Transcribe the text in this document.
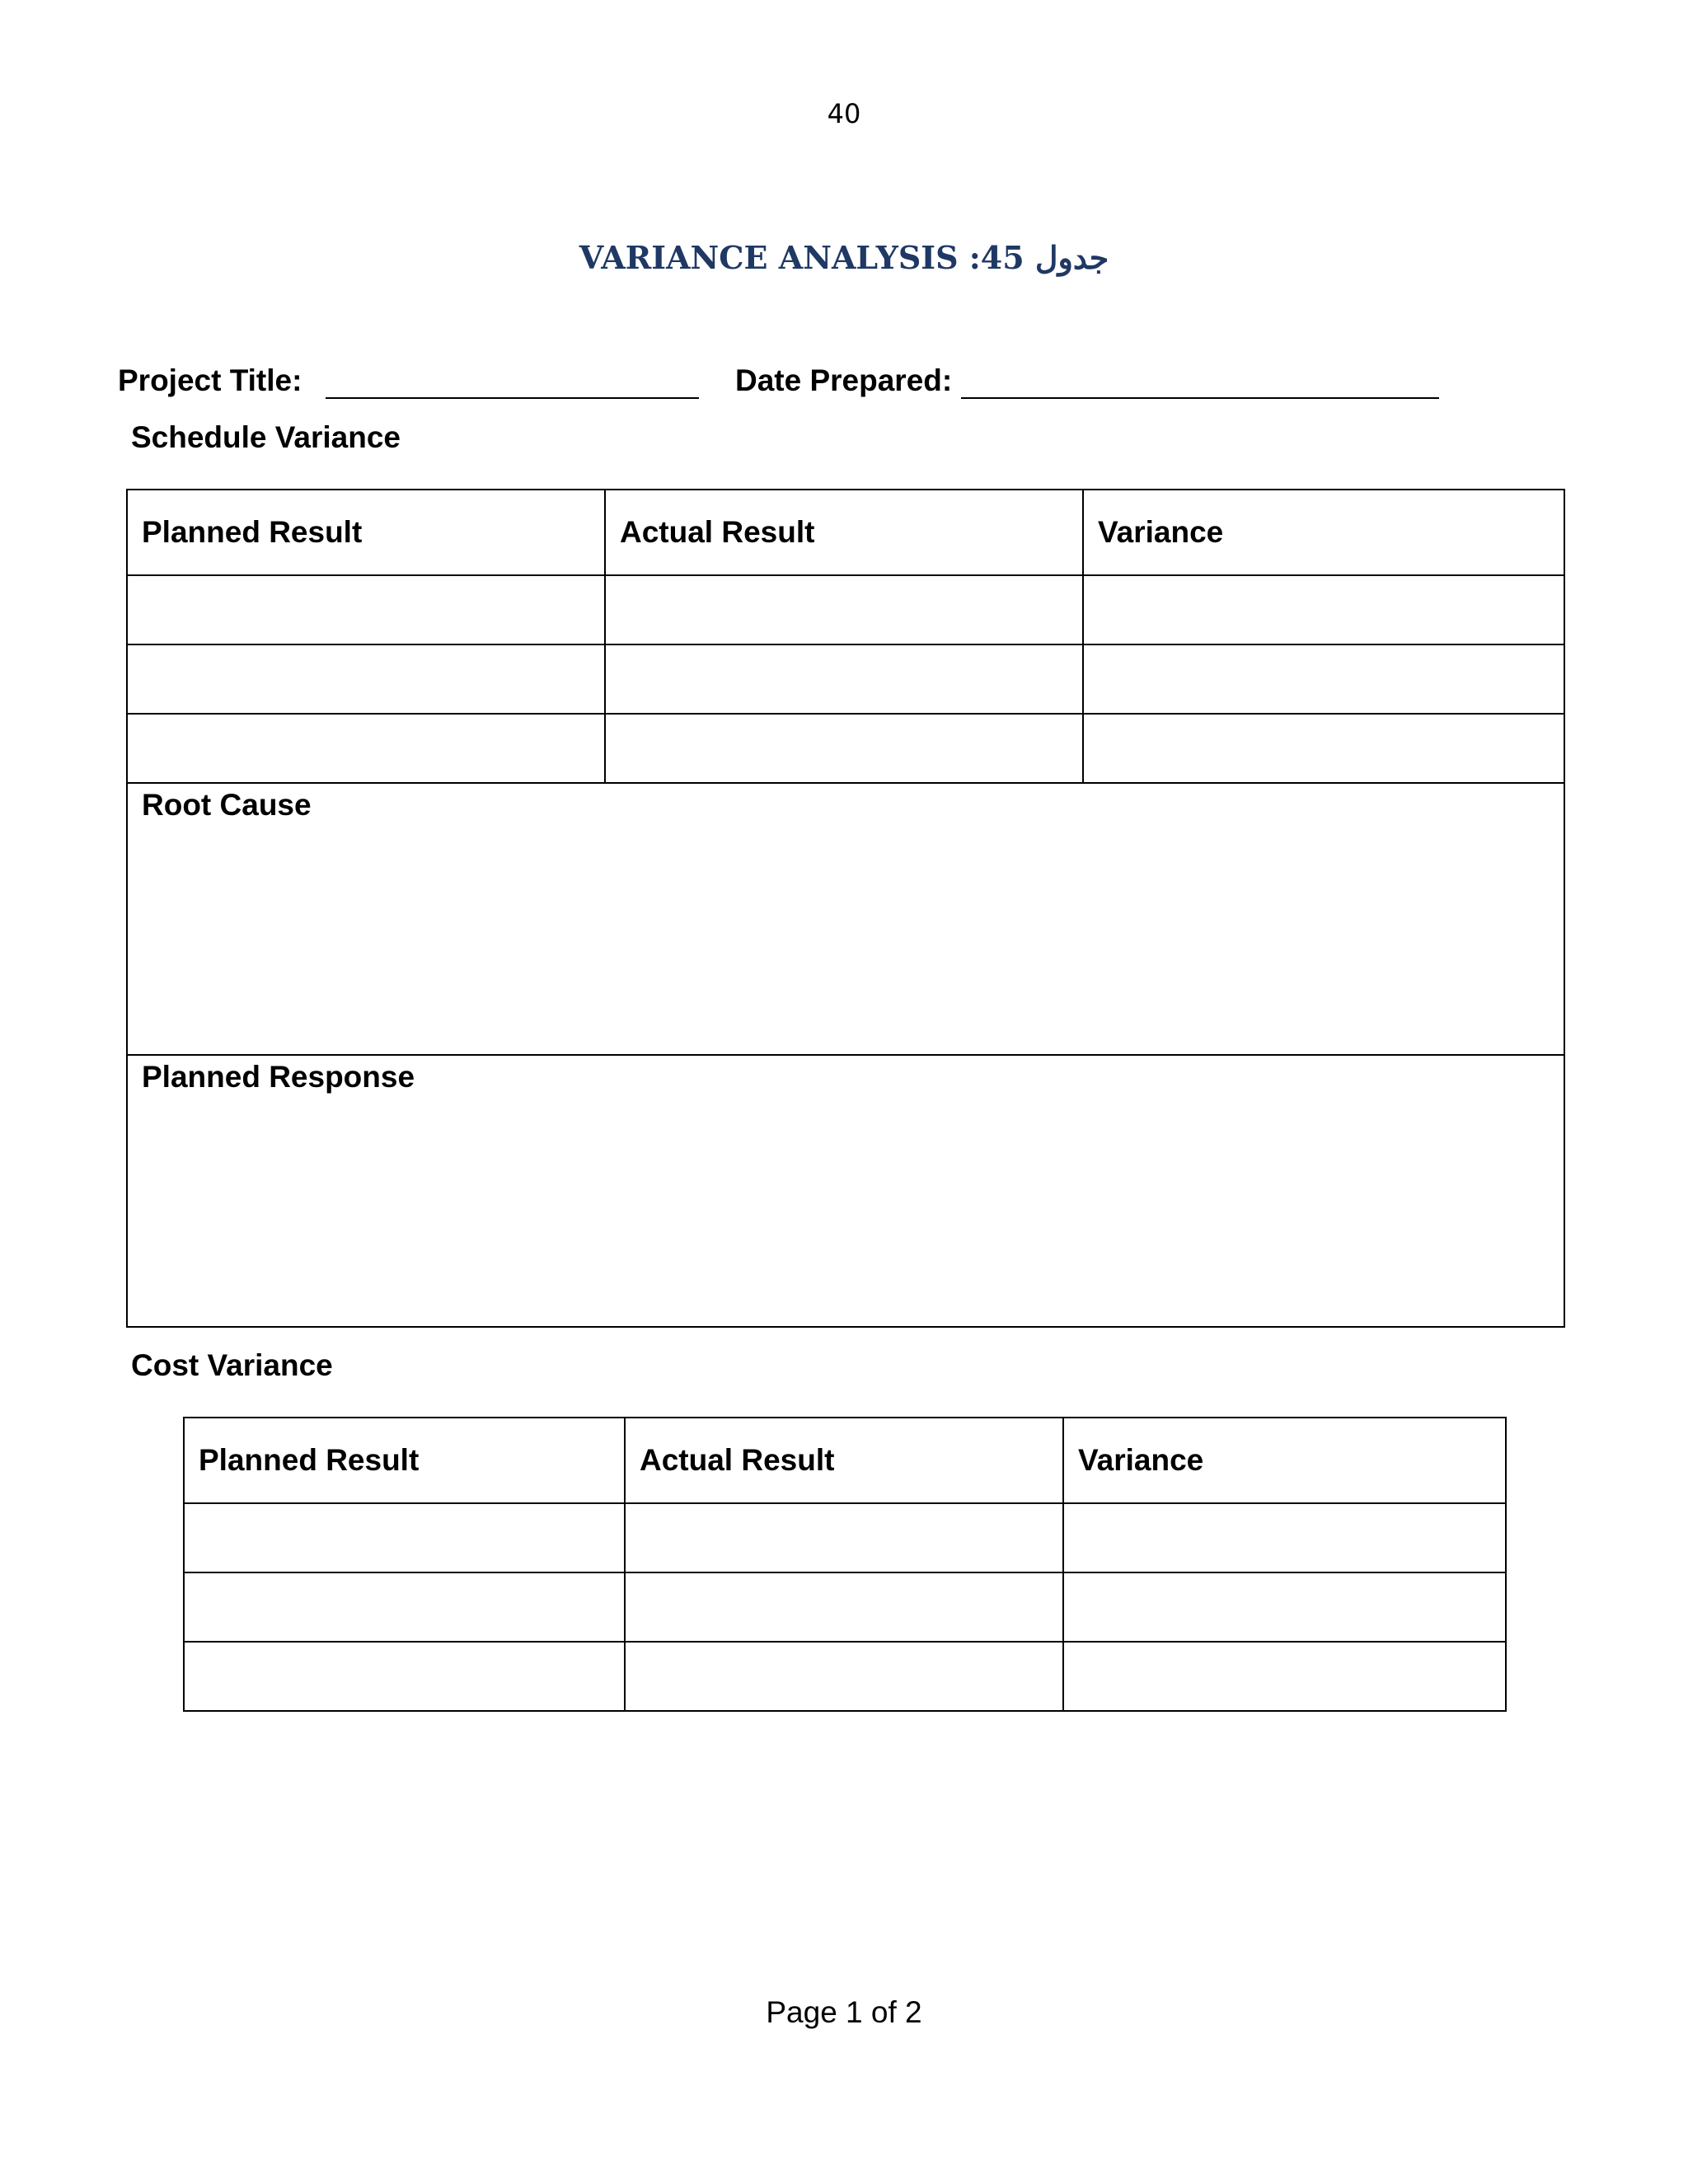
40
VARIANCE ANALYSIS :45 جدول
Project Title:	Date Prepared:
Schedule Variance
Planned Result	Actual Result	Variance

Root Cause		
Planned Response		
Cost Variance
Planned Result	Actual Result	Variance

Page 1 of 2
